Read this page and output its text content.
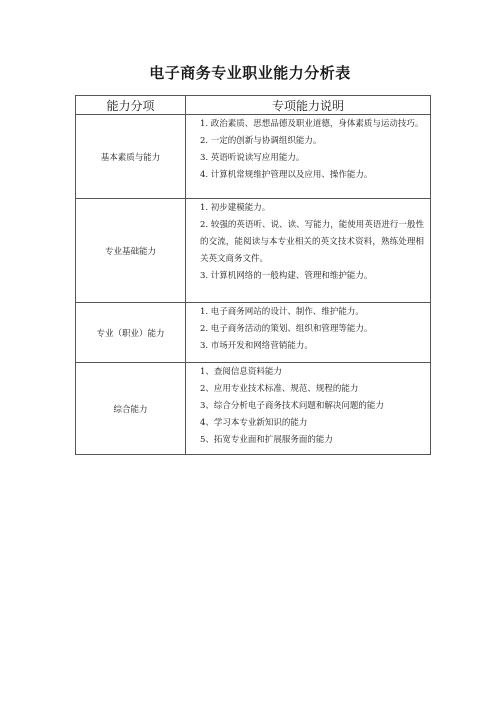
电子商务专业职业能力分析表
能力分项	专项能力说明
基本素质与能力	1. 政治素质、思想品德及职业道德，身体素质与运动技巧。
2. 一定的创新与协调组织能力。
3. 英语听说读写应用能力。
4. 计算机常规维护管理以及应用、操作能力。

专业基础能力	1. 初步建模能力。
2. 较强的英语听、说、读、写能力，能使用英语进行一般性的交流，能阅读与本专业相关的英文技术资料，熟练处理相关英文商务文件。
3. 计算机网络的一般构建、管理和维护能力。

专业（职业）能力	1. 电子商务网站的设计、制作、维护能力。
2. 电子商务活动的策划、组织和管理等能力。
3. 市场开发和网络营销能力。

综合能力	1、查阅信息资料能力
2、应用专业技术标准、规范、规程的能力
3、综合分析电子商务技术问题和解决问题的能力
4、学习本专业新知识的能力
5、拓宽专业面和扩展服务面的能力
